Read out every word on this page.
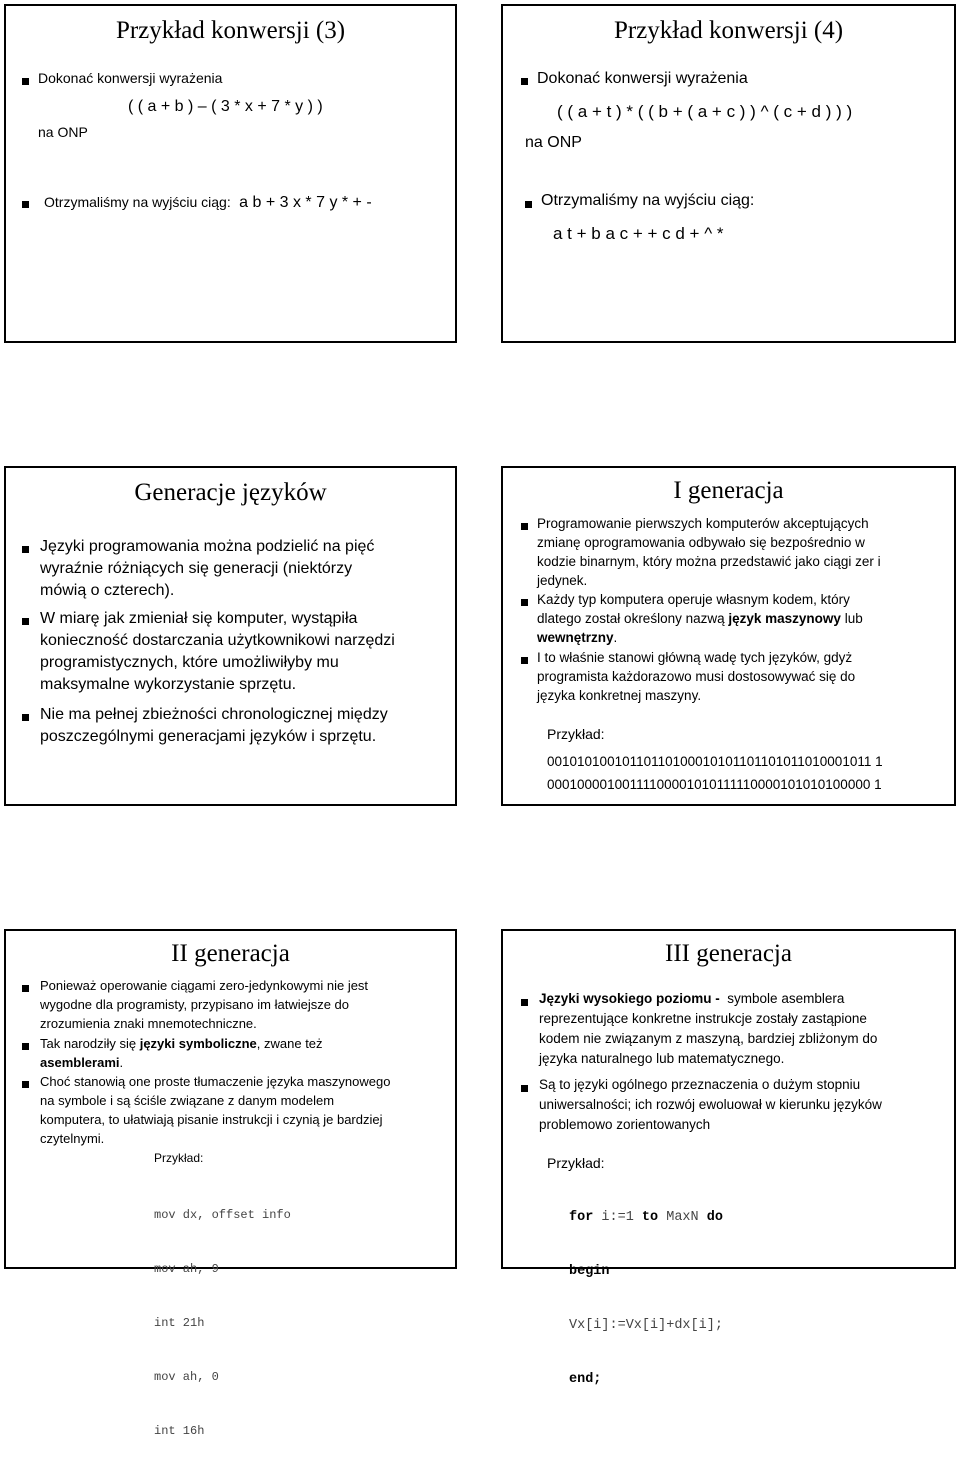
Przykład konwersji (3)
Dokonać konwersji wyrażenia
( ( a + b ) – ( 3 * x + 7 * y ) )
na ONP
Otrzymaliśmy na wyjściu ciąg: a b + 3 x * 7 y * + -
Przykład konwersji (4)
Dokonać konwersji wyrażenia
( ( a + t ) * ( ( b + ( a + c ) ) ^ ( c + d ) ) )
na ONP
Otrzymaliśmy na wyjściu ciąg:
a t + b a c + + c d + ^ *
Generacje języków
Języki programowania można podzielić na pięć
wyraźnie różniących się generacji (niektórzy
mówią o czterech).
W miarę jak zmieniał się komputer, wystąpiła
konieczność dostarczania użytkownikowi narzędzi
programistycznych, które umożliwiłyby mu
maksymalne wykorzystanie sprzętu.
Nie ma pełnej zbieżności chronologicznej między
poszczególnymi generacjami języków i sprzętu.
I generacja
Programowanie pierwszych komputerów akceptujących
zmianę oprogramowania odbywało się bezpośrednio w
kodzie binarnym, który można przedstawić jako ciągi zer i
jedynek.
Każdy typ komputera operuje własnym kodem, który
dlatego został określony nazwą język maszynowy lub
wewnętrzny.
I to właśnie stanowi główną wadę tych języków, gdyż
programista każdorazowo musi dostosowywać się do
języka konkretnej maszyny.
Przykład:
00101010010110110100010101101101011010001011 1
00010000100111100001010111110000101010100000 1
II generacja
Ponieważ operowanie ciągami zero-jedynkowymi nie jest
wygodne dla programisty, przypisano im łatwiejsze do
zrozumienia znaki mnemotechniczne.
Tak narodziły się języki symboliczne, zwane też
asemblerami.
Choć stanowią one proste tłumaczenie języka maszynowego
na symbole i są ściśle związane z danym modelem
komputera, to ułatwiają pisanie instrukcji i czynią je bardziej
czytelnymi.
Przykład:

mov dx, offset info

mov ah, 9

int 21h

mov ah, 0

int 16h

III generacja
Języki wysokiego poziomu -  symbole asemblera
reprezentujące konkretne instrukcje zostały zastąpione
kodem nie związanym z maszyną, bardziej zbliżonym do
języka naturalnego lub matematycznego.
Są to języki ogólnego przeznaczenia o dużym stopniu
uniwersalności; ich rozwój ewoluował w kierunku języków
problemowo zorientowanych
Przykład:

for i:=1 to MaxN do

begin

Vx[i]:=Vx[i]+dx[i];

end;
